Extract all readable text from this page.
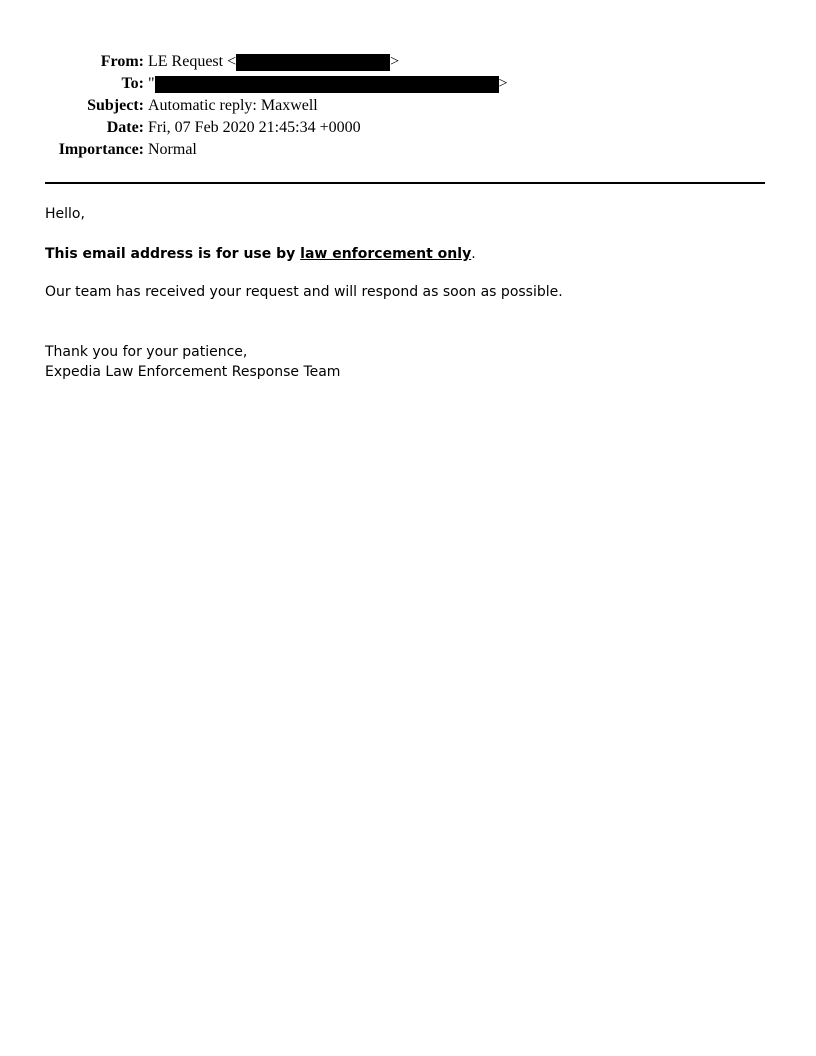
From: LE Request <	>
To: "	>
Subject: Automatic reply: Maxwell
Date: Fri, 07 Feb 2020 21:45:34 +0000
Importance: Normal
Hello,
This email address is for use by law enforcement only.
Our team has received your request and will respond as soon as possible.
Thank you for your patience,
Expedia Law Enforcement Response Team
